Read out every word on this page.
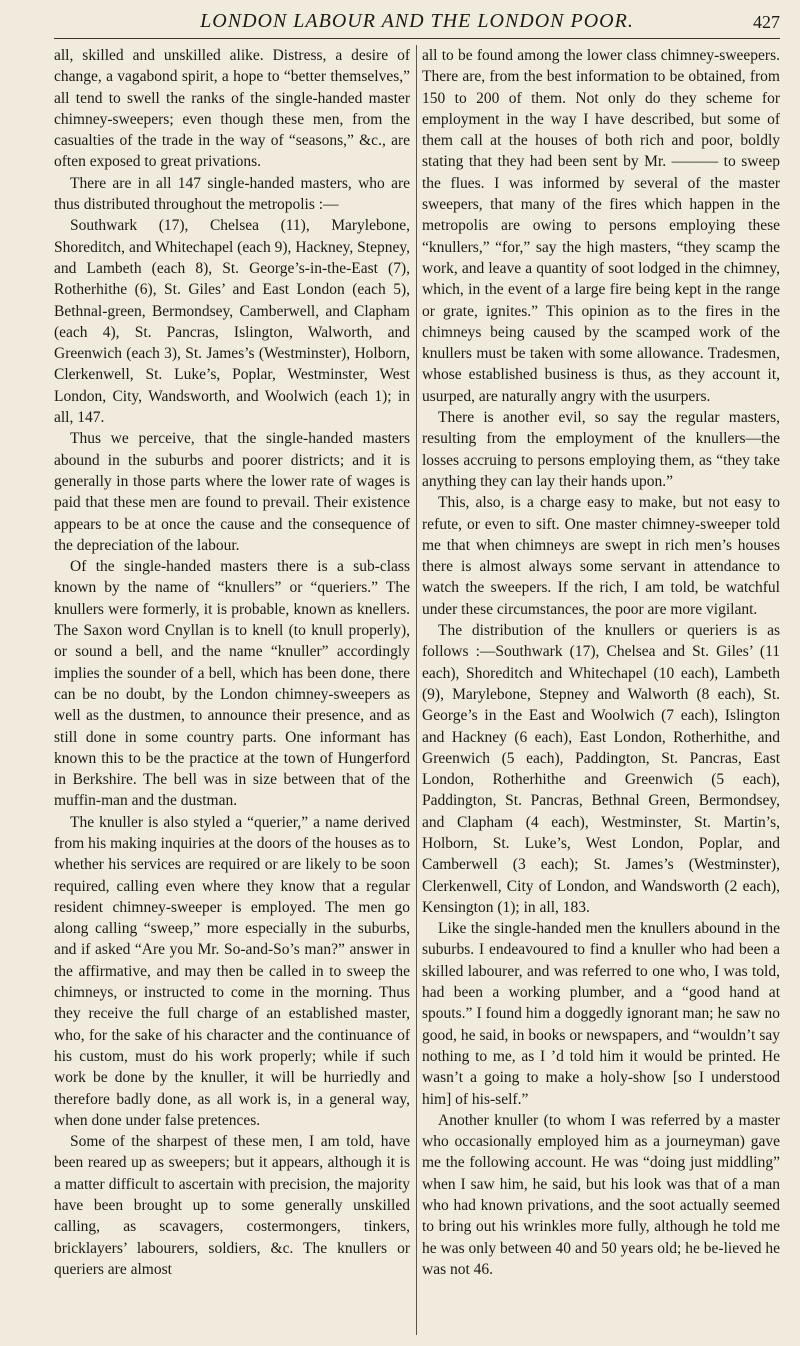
LONDON LABOUR AND THE LONDON POOR.	427

all, skilled and unskilled alike. Distress, a desire of change, a vagabond spirit, a hope to “better themselves,” all tend to swell the ranks of the single-handed master chimney-sweepers; even though these men, from the casualties of the trade in the way of “seasons,” &c., are often exposed to great privations.

There are in all 147 single-handed masters, who are thus distributed throughout the metropolis :—

Southwark (17), Chelsea (11), Marylebone, Shoreditch, and Whitechapel (each 9), Hackney, Stepney, and Lambeth (each 8), St. George’s-in-the-East (7), Rotherhithe (6), St. Giles’ and East London (each 5), Bethnal-green, Bermondsey, Camberwell, and Clapham (each 4), St. Pancras, Islington, Walworth, and Greenwich (each 3), St. James’s (Westminster), Holborn, Clerkenwell, St. Luke’s, Poplar, Westminster, West London, City, Wandsworth, and Woolwich (each 1); in all, 147.

Thus we perceive, that the single-handed masters abound in the suburbs and poorer districts; and it is generally in those parts where the lower rate of wages is paid that these men are found to prevail. Their existence appears to be at once the cause and the consequence of the depreciation of the labour.

Of the single-handed masters there is a sub-class known by the name of “knullers” or “queriers.” The knullers were formerly, it is probable, known as knellers. The Saxon word Cnyllan is to knell (to knull properly), or sound a bell, and the name “knuller” accordingly implies the sounder of a bell, which has been done, there can be no doubt, by the London chimney-sweepers as well as the dustmen, to announce their presence, and as still done in some country parts. One informant has known this to be the practice at the town of Hungerford in Berkshire. The bell was in size between that of the muffin-man and the dustman.

The knuller is also styled a “querier,” a name derived from his making inquiries at the doors of the houses as to whether his services are required or are likely to be soon required, calling even where they know that a regular resident chimney-sweeper is employed. The men go along calling “sweep,” more especially in the suburbs, and if asked “Are you Mr. So-and-So’s man?” answer in the affirmative, and may then be called in to sweep the chimneys, or instructed to come in the morning. Thus they receive the full charge of an established master, who, for the sake of his character and the continuance of his custom, must do his work properly; while if such work be done by the knuller, it will be hurriedly and therefore badly done, as all work is, in a general way, when done under false pretences.

Some of the sharpest of these men, I am told, have been reared up as sweepers; but it appears, although it is a matter difficult to ascertain with precision, the majority have been brought up to some generally unskilled calling, as scavagers, costermongers, tinkers, bricklayers’ labourers, soldiers, &c. The knullers or queriers are almost

all to be found among the lower class chimney-sweepers. There are, from the best information to be obtained, from 150 to 200 of them. Not only do they scheme for employment in the way I have described, but some of them call at the houses of both rich and poor, boldly stating that they had been sent by Mr. ——— to sweep the flues. I was informed by several of the master sweepers, that many of the fires which happen in the metropolis are owing to persons employing these “knullers,” “for,” say the high masters, “they scamp the work, and leave a quantity of soot lodged in the chimney, which, in the event of a large fire being kept in the range or grate, ignites.” This opinion as to the fires in the chimneys being caused by the scamped work of the knullers must be taken with some allowance. Tradesmen, whose established business is thus, as they account it, usurped, are naturally angry with the usurpers.

There is another evil, so say the regular masters, resulting from the employment of the knullers—the losses accruing to persons employing them, as “they take anything they can lay their hands upon.”

This, also, is a charge easy to make, but not easy to refute, or even to sift. One master chimney-sweeper told me that when chimneys are swept in rich men’s houses there is almost always some servant in attendance to watch the sweepers. If the rich, I am told, be watchful under these circumstances, the poor are more vigilant.

The distribution of the knullers or queriers is as follows :—Southwark (17), Chelsea and St. Giles’ (11 each), Shoreditch and Whitechapel (10 each), Lambeth (9), Marylebone, Stepney and Walworth (8 each), St. George’s in the East and Woolwich (7 each), Islington and Hackney (6 each), East London, Rotherhithe, and Greenwich (5 each), Paddington, St. Pancras, East London, Rotherhithe and Greenwich (5 each), Paddington, St. Pancras, Bethnal Green, Bermondsey, and Clapham (4 each), Westminster, St. Martin’s, Holborn, St. Luke’s, West London, Poplar, and Camberwell (3 each); St. James’s (Westminster), Clerkenwell, City of London, and Wandsworth (2 each), Kensington (1); in all, 183.

Like the single-handed men the knullers abound in the suburbs. I endeavoured to find a knuller who had been a skilled labourer, and was referred to one who, I was told, had been a working plumber, and a “good hand at spouts.” I found him a doggedly ignorant man; he saw no good, he said, in books or newspapers, and “wouldn’t say nothing to me, as I ’d told him it would be printed. He wasn’t a going to make a holy-show [so I understood him] of his-self.”

Another knuller (to whom I was referred by a master who occasionally employed him as a journeyman) gave me the following account. He was “doing just middling” when I saw him, he said, but his look was that of a man who had known privations, and the soot actually seemed to bring out his wrinkles more fully, although he told me he was only between 40 and 50 years old; he be-lieved he was not 46.
